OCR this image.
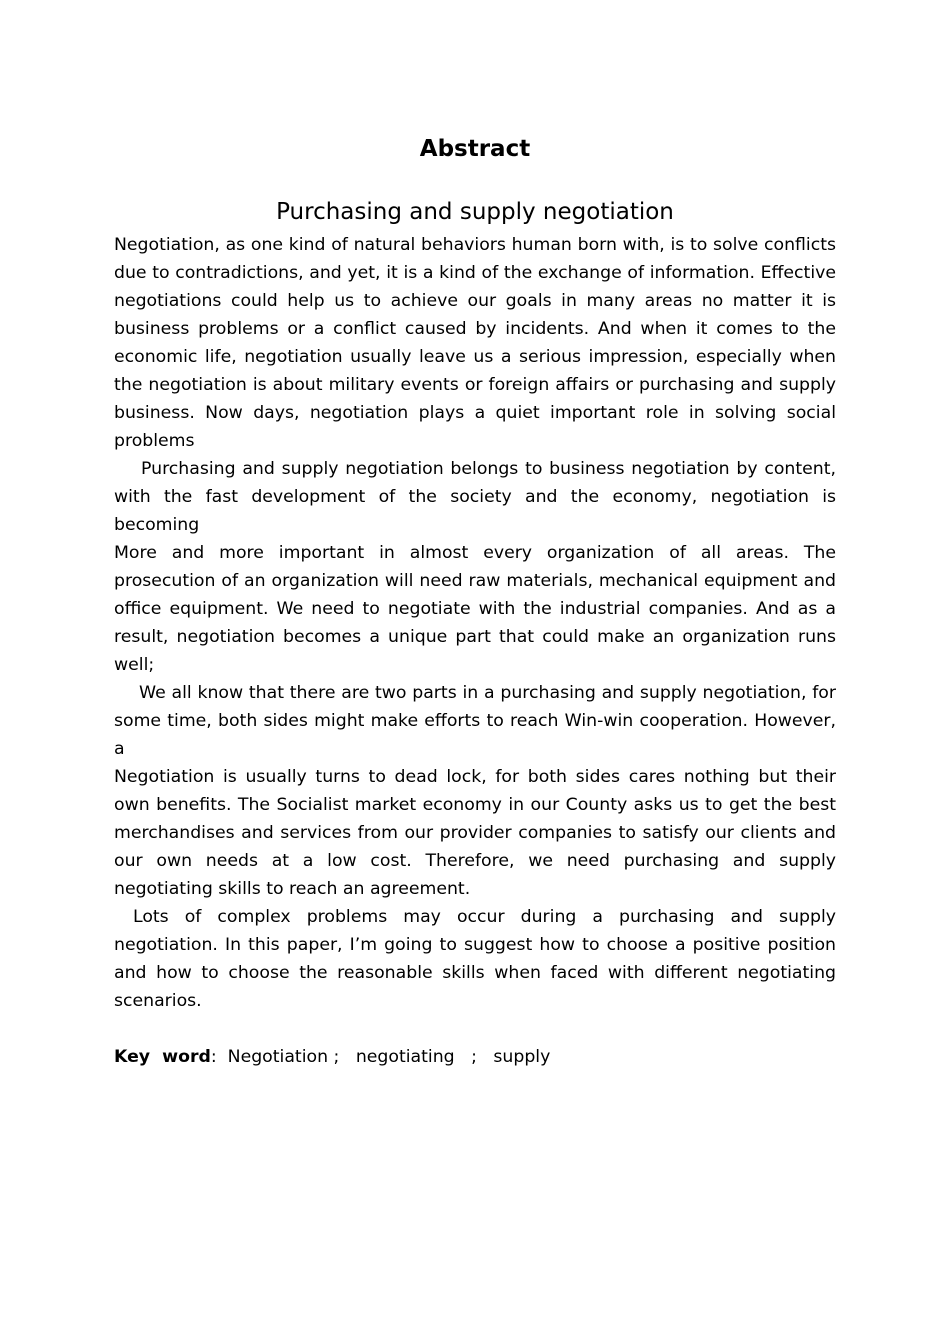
Abstract
Purchasing and supply negotiation

Negotiation, as one kind of natural behaviors human born with, is to solve conflicts due to contradictions, and yet, it is a kind of the exchange of information. Effective negotiations could help us to achieve our goals in many areas no matter it is business problems or a conflict caused by incidents. And when it comes to the economic life, negotiation usually leave us a serious impression, especially when the negotiation is about military events or foreign affairs or purchasing and supply business. Now days, negotiation plays a quiet important role in solving social problems

Purchasing and supply negotiation belongs to business negotiation by content, with the fast development of the society and the economy, negotiation is becoming

More and more important in almost every organization of all areas. The prosecution of an organization will need raw materials, mechanical equipment and office equipment. We need to negotiate with the industrial companies. And as a result, negotiation becomes a unique part that could make an organization runs well;

We all know that there are two parts in a purchasing and supply negotiation, for some time, both sides might make efforts to reach Win-win cooperation. However, a

Negotiation is usually turns to dead lock, for both sides cares nothing but their own benefits. The Socialist market economy in our County asks us to get the best merchandises and services from our provider companies to satisfy our clients and our own needs at a low cost. Therefore, we need purchasing and supply negotiating skills to reach an agreement.

Lots of complex problems may occur during a purchasing and supply negotiation. In this paper, I’m going to suggest how to choose a positive position and how to choose the reasonable skills when faced with different negotiating scenarios.

Key  word:  Negotiation ;   negotiating   ;   supply
